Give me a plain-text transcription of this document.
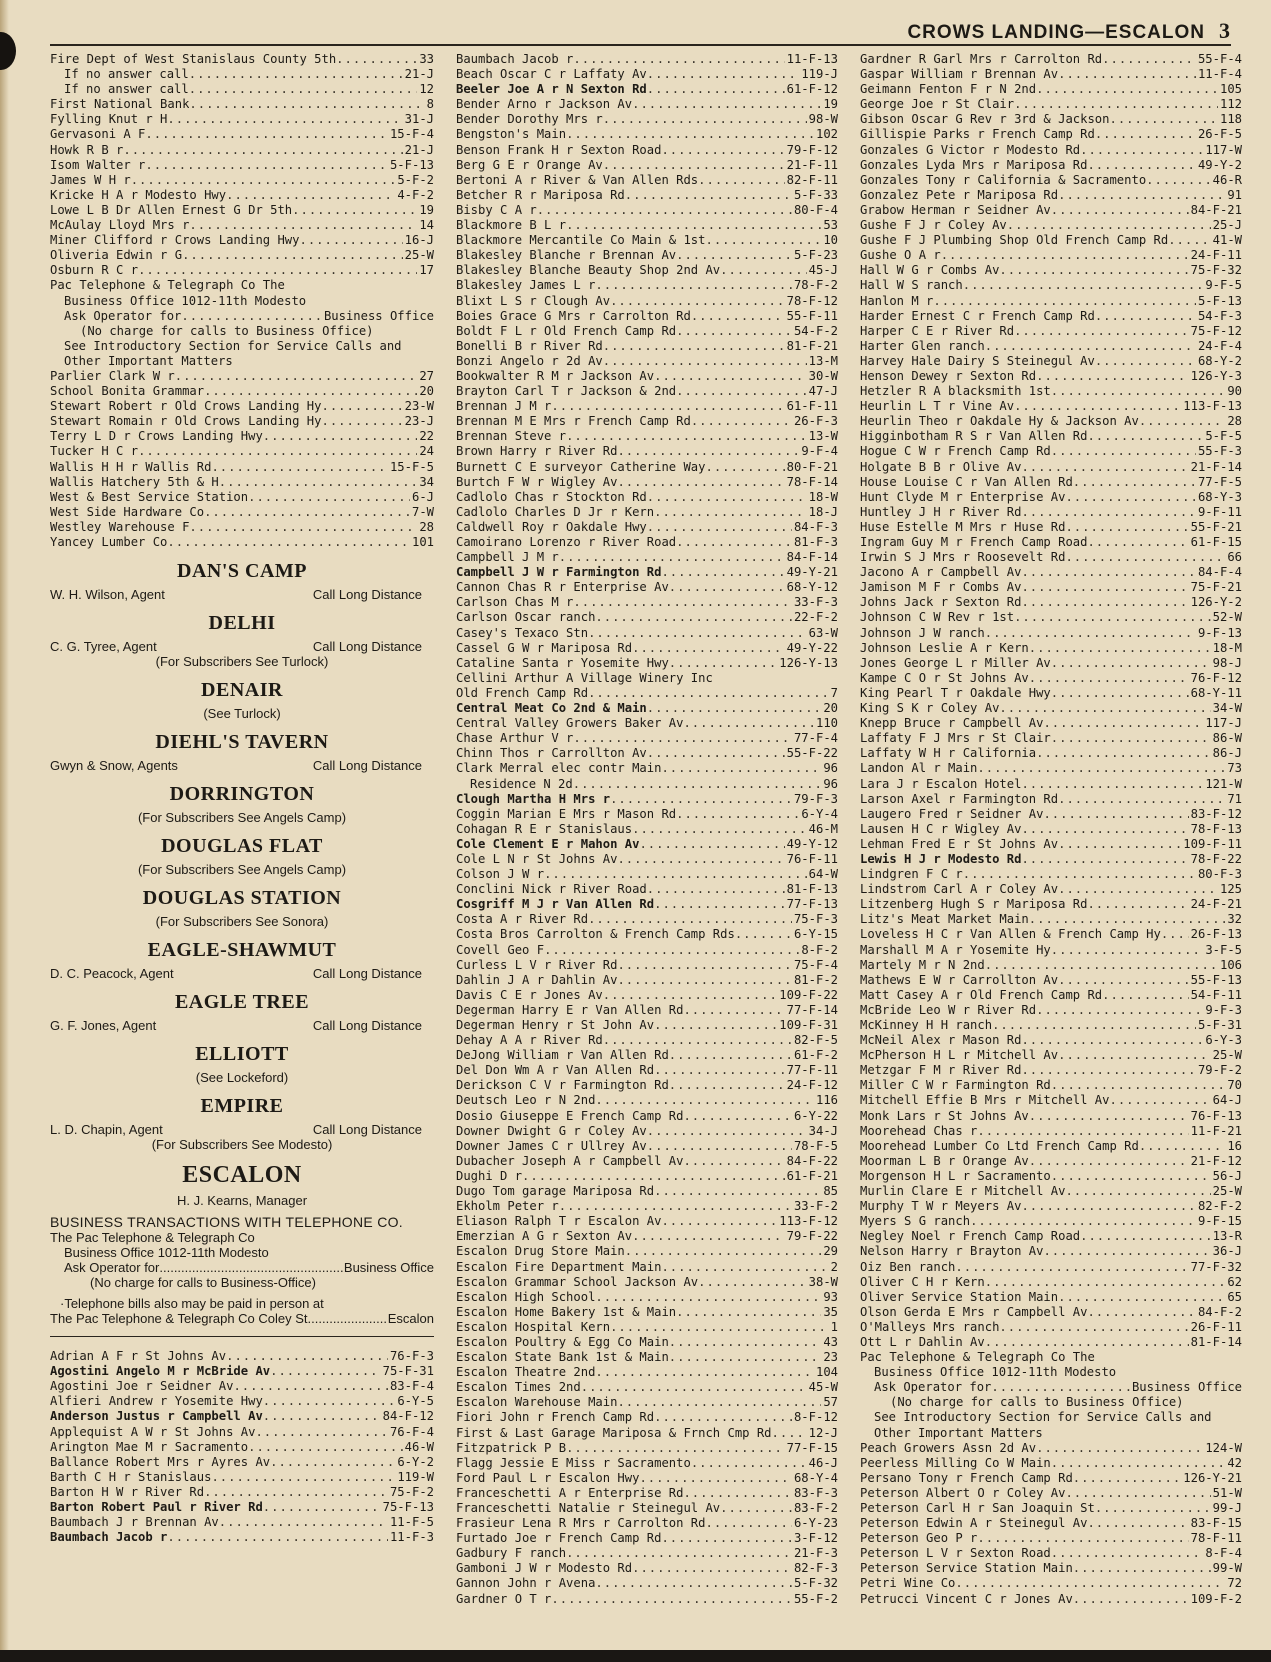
CROWS LANDING—ESCALON 3
Fire Dept of West Stanislaus County 5th .....	33
If no answer call .....	21-J
If no answer call .....	12
First National Bank .....	8
Fylling Knut r H .....	31-J
Gervasoni A F .....	15-F-4
Howk R B r .....	21-J
Isom Walter r .....	5-F-13
James W H r .....	5-F-2
Kricke H A r Modesto Hwy .....	4-F-2
Lowe L B Dr Allen Ernest G Dr 5th .....	19
McAulay Lloyd Mrs r .....	14
Miner Clifford r Crows Landing Hwy .....	16-J
Oliveria Edwin r G .....	25-W
Osburn R C r .....	17
Pac Telephone & Telegraph Co The
Business Office 1012-11th Modesto
Ask Operator for .....	Business Office
(No charge for calls to Business Office)
See Introductory Section for Service Calls and
Other Important Matters
Parlier Clark W r .....	27
School Bonita Grammar .....	20
Stewart Robert r Old Crows Landing Hy .....	23-W
Stewart Romain r Old Crows Landing Hy .....	23-J
Terry L D r Crows Landing Hwy .....	22
Tucker H C r .....	24
Wallis H H r Wallis Rd .....	15-F-5
Wallis Hatchery 5th & H .....	34
West & Best Service Station .....	6-J
West Side Hardware Co .....	7-W
Westley Warehouse F .....	28
Yancey Lumber Co .....	101
DAN'S CAMP
W. H. Wilson, Agent	Call Long Distance
DELHI
C. G. Tyree, Agent	Call Long Distance
(For Subscribers See Turlock)
DENAIR
(See Turlock)
DIEHL'S TAVERN
Gwyn & Snow, Agents	Call Long Distance
DORRINGTON
(For Subscribers See Angels Camp)
DOUGLAS FLAT
(For Subscribers See Angels Camp)
DOUGLAS STATION
(For Subscribers See Sonora)
EAGLE-SHAWMUT
D. C. Peacock, Agent	Call Long Distance
EAGLE TREE
G. F. Jones, Agent	Call Long Distance
ELLIOTT
(See Lockeford)
EMPIRE
L. D. Chapin, Agent	Call Long Distance
(For Subscribers See Modesto)
ESCALON
H. J. Kearns, Manager
BUSINESS TRANSACTIONS WITH TELEPHONE CO.
The Pac Telephone & Telegraph Co
Business Office 1012-11th Modesto
Ask Operator for .....	Business Office
(No charge for calls to Business-Office)
·Telephone bills also may be paid in person at
The Pac Telephone & Telegraph Co Coley St .....	Escalon
Adrian A F r St Johns Av .....	76-F-3
Agostini Angelo M r McBride Av .....	75-F-31
Agostini Joe r Seidner Av .....	83-F-4
Alfieri Andrew r Yosemite Hwy .....	6-Y-5
Anderson Justus r Campbell Av .....	84-F-12
Applequist A W r St Johns Av .....	76-F-4
Arington Mae M r Sacramento .....	46-W
Ballance Robert Mrs r Ayres Av .....	6-Y-2
Barth C H r Stanislaus .....	119-W
Barton H W r River Rd .....	75-F-2
Barton Robert Paul r River Rd .....	75-F-13
Baumbach J r Brennan Av .....	11-F-5
Baumbach Jacob r .....	11-F-3
Baumbach Jacob r .....	11-F-13
Beach Oscar C r Laffaty Av .....	119-J
Beeler Joe A r N Sexton Rd .....	61-F-12
Bender Arno r Jackson Av .....	19
Bender Dorothy Mrs r .....	98-W
Bengston's Main .....	102
Benson Frank H r Sexton Road .....	79-F-12
Berg G E r Orange Av .....	21-F-11
Bertoni A r River & Van Allen Rds .....	82-F-11
Betcher R r Mariposa Rd .....	5-F-33
Bisby C A r .....	80-F-4
Blackmore B L r .....	53
Blackmore Mercantile Co Main & 1st .....	10
Blakesley Blanche r Brennan Av .....	5-F-23
Blakesley Blanche Beauty Shop 2nd Av .....	45-J
Blakesley James L r .....	78-F-2
Blixt L S r Clough Av .....	78-F-12
Boies Grace G Mrs r Carrolton Rd .....	55-F-11
Boldt F L r Old French Camp Rd .....	54-F-2
Bonelli B r River Rd .....	81-F-21
Bonzi Angelo r 2d Av .....	13-M
Bookwalter R M r Jackson Av .....	30-W
Brayton Carl T r Jackson & 2nd .....	47-J
Brennan J M r .....	61-F-11
Brennan M E Mrs r French Camp Rd .....	26-F-3
Brennan Steve r .....	13-W
Brown Harry r River Rd .....	9-F-4
Burnett C E surveyor Catherine Way .....	80-F-21
Burtch F W r Wigley Av .....	78-F-14
Cadlolo Chas r Stockton Rd .....	18-W
Cadlolo Charles D Jr r Kern .....	18-J
Caldwell Roy r Oakdale Hwy .....	84-F-3
Camoirano Lorenzo r River Road .....	81-F-3
Campbell J M r .....	84-F-14
Campbell J W r Farmington Rd .....	49-Y-21
Cannon Chas R r Enterprise Av .....	68-Y-12
Carlson Chas M r .....	33-F-3
Carlson Oscar ranch .....	22-F-2
Casey's Texaco Stn .....	63-W
Cassel G W r Mariposa Rd .....	49-Y-22
Cataline Santa r Yosemite Hwy .....	126-Y-13
Cellini Arthur A Village Winery Inc
Old French Camp Rd .....	7
Central Meat Co 2nd & Main .....	20
Central Valley Growers Baker Av .....	110
Chase Arthur V r .....	77-F-4
Chinn Thos r Carrollton Av .....	55-F-22
Clark Merral elec contr Main .....	96
Residence N 2d .....	96
Clough Martha H Mrs r .....	79-F-3
Coggin Marian E Mrs r Mason Rd .....	6-Y-4
Cohagan R E r Stanislaus .....	46-M
Cole Clement E r Mahon Av .....	49-Y-12
Cole L N r St Johns Av .....	76-F-11
Colson J W r .....	64-W
Conclini Nick r River Road .....	81-F-13
Cosgriff M J r Van Allen Rd .....	77-F-13
Costa A r River Rd .....	75-F-3
Costa Bros Carrolton & French Camp Rds .....	6-Y-15
Covell Geo F .....	8-F-2
Curless L V r River Rd .....	75-F-4
Dahlin J A r Dahlin Av .....	81-F-2
Davis C E r Jones Av .....	109-F-22
Degerman Harry E r Van Allen Rd .....	77-F-14
Degerman Henry r St John Av .....	109-F-31
Dehay A A r River Rd .....	82-F-5
DeJong William r Van Allen Rd .....	61-F-2
Del Don Wm A r Van Allen Rd .....	77-F-11
Derickson C V r Farmington Rd .....	24-F-12
Deutsch Leo r N 2nd .....	116
Dosio Giuseppe E French Camp Rd .....	6-Y-22
Downer Dwight G r Coley Av .....	34-J
Downer James C r Ullrey Av .....	78-F-5
Dubacher Joseph A r Campbell Av .....	84-F-22
Dughi D r .....	61-F-21
Dugo Tom garage Mariposa Rd .....	85
Ekholm Peter r .....	33-F-2
Eliason Ralph T r Escalon Av .....	113-F-12
Emerzian A G r Sexton Av .....	79-F-22
Escalon Drug Store Main .....	29
Escalon Fire Department Main .....	2
Escalon Grammar School Jackson Av .....	38-W
Escalon High School .....	93
Escalon Home Bakery 1st & Main .....	35
Escalon Hospital Kern .....	1
Escalon Poultry & Egg Co Main .....	43
Escalon State Bank 1st & Main .....	23
Escalon Theatre 2nd .....	104
Escalon Times 2nd .....	45-W
Escalon Warehouse Main .....	57
Fiori John r French Camp Rd .....	8-F-12
First & Last Garage Mariposa & Frnch Cmp Rd .....	12-J
Fitzpatrick P B .....	77-F-15
Flagg Jessie E Miss r Sacramento .....	46-J
Ford Paul L r Escalon Hwy .....	68-Y-4
Franceschetti A r Enterprise Rd .....	83-F-3
Franceschetti Natalie r Steinegul Av .....	83-F-2
Frasieur Lena R Mrs r Carrolton Rd .....	6-Y-23
Furtado Joe r French Camp Rd .....	3-F-12
Gadbury F ranch .....	21-F-3
Gamboni J W r Modesto Rd .....	82-F-3
Gannon John r Avena .....	5-F-32
Gardner O T r .....	55-F-2
Gardner R Garl Mrs r Carrolton Rd .....	55-F-4
Gaspar William r Brennan Av .....	11-F-4
Geimann Fenton F r N 2nd .....	105
George Joe r St Clair .....	112
Gibson Oscar G Rev r 3rd & Jackson .....	118
Gillispie Parks r French Camp Rd .....	26-F-5
Gonzales G Victor r Modesto Rd .....	117-W
Gonzales Lyda Mrs r Mariposa Rd .....	49-Y-2
Gonzales Tony r California & Sacramento .....	46-R
Gonzalez Pete r Mariposa Rd .....	91
Grabow Herman r Seidner Av .....	84-F-21
Gushe F J r Coley Av .....	25-J
Gushe F J Plumbing Shop Old French Camp Rd .....	41-W
Gushe O A r .....	24-F-11
Hall W G r Combs Av .....	75-F-32
Hall W S ranch .....	9-F-5
Hanlon M r .....	5-F-13
Harder Ernest C r French Camp Rd .....	54-F-3
Harper C E r River Rd .....	75-F-12
Harter Glen ranch .....	24-F-4
Harvey Hale Dairy S Steinegul Av .....	68-Y-2
Henson Dewey r Sexton Rd .....	126-Y-3
Hetzler R A blacksmith 1st .....	90
Heurlin L T r Vine Av .....	113-F-13
Heurlin Theo r Oakdale Hy & Jackson Av .....	28
Higginbotham R S r Van Allen Rd .....	5-F-5
Hogue C W r French Camp Rd .....	55-F-3
Holgate B B r Olive Av .....	21-F-14
House Louise C r Van Allen Rd .....	77-F-5
Hunt Clyde M r Enterprise Av .....	68-Y-3
Huntley J H r River Rd .....	9-F-11
Huse Estelle M Mrs r Huse Rd .....	55-F-21
Ingram Guy M r French Camp Road .....	61-F-15
Irwin S J Mrs r Roosevelt Rd .....	66
Jacono A r Campbell Av .....	84-F-4
Jamison M F r Combs Av .....	75-F-21
Johns Jack r Sexton Rd .....	126-Y-2
Johnson C W Rev r 1st .....	52-W
Johnson J W ranch .....	9-F-13
Johnson Leslie A r Kern .....	18-M
Jones George L r Miller Av .....	98-J
Kampe C O r St Johns Av .....	76-F-12
King Pearl T r Oakdale Hwy .....	68-Y-11
King S K r Coley Av .....	34-W
Knepp Bruce r Campbell Av .....	117-J
Laffaty F J Mrs r St Clair .....	86-W
Laffaty W H r California .....	86-J
Landon Al r Main .....	73
Lara J r Escalon Hotel .....	121-W
Larson Axel r Farmington Rd .....	71
Laugero Fred r Seidner Av .....	83-F-12
Lausen H C r Wigley Av .....	78-F-13
Lehman Fred E r St Johns Av .....	109-F-11
Lewis H J r Modesto Rd .....	78-F-22
Lindgren F C r .....	80-F-3
Lindstrom Carl A r Coley Av .....	125
Litzenberg Hugh S r Mariposa Rd .....	24-F-21
Litz's Meat Market Main .....	32
Loveless H C r Van Allen & French Camp Hy ..... 26-F-13
Marshall M A r Yosemite Hy .....	3-F-5
Martely M r N 2nd .....	106
Mathews E W r Carrollton Av .....	55-F-13
Matt Casey A r Old French Camp Rd .....	54-F-11
McBride Leo W r River Rd .....	9-F-3
McKinney H H ranch .....	5-F-31
McNeil Alex r Mason Rd .....	6-Y-3
McPherson H L r Mitchell Av .....	25-W
Metzgar F M r River Rd .....	79-F-2
Miller C W r Farmington Rd .....	70
Mitchell Effie B Mrs r Mitchell Av .....	64-J
Monk Lars r St Johns Av .....	76-F-13
Moorehead Chas r .....	11-F-21
Moorehead Lumber Co Ltd French Camp Rd .....	16
Moorman L B r Orange Av .....	21-F-12
Morgenson H L r Sacramento .....	56-J
Murlin Clare E r Mitchell Av .....	25-W
Murphy T W r Meyers Av .....	82-F-2
Myers S G ranch .....	9-F-15
Negley Noel r French Camp Road .....	13-R
Nelson Harry r Brayton Av .....	36-J
Oiz Ben ranch .....	77-F-32
Oliver C H r Kern .....	62
Oliver Service Station Main .....	65
Olson Gerda E Mrs r Campbell Av .....	84-F-2
O'Malleys Mrs ranch .....	26-F-11
Ott L r Dahlin Av .....	81-F-14
Pac Telephone & Telegraph Co The
Business Office 1012-11th Modesto
Ask Operator for .....	Business Office
(No charge for calls to Business Office)
See Introductory Section for Service Calls and
Other Important Matters
Peach Growers Assn 2d Av .....	124-W
Peerless Milling Co W Main .....	42
Persano Tony r French Camp Rd .....	126-Y-21
Peterson Albert O r Coley Av .....	51-W
Peterson Carl H r San Joaquin St .....	99-J
Peterson Edwin A r Steinegul Av .....	83-F-15
Peterson Geo P r .....	78-F-11
Peterson L V r Sexton Road .....	8-F-4
Peterson Service Station Main .....	99-W
Petri Wine Co .....	72
Petrucci Vincent C r Jones Av .....	109-F-2
